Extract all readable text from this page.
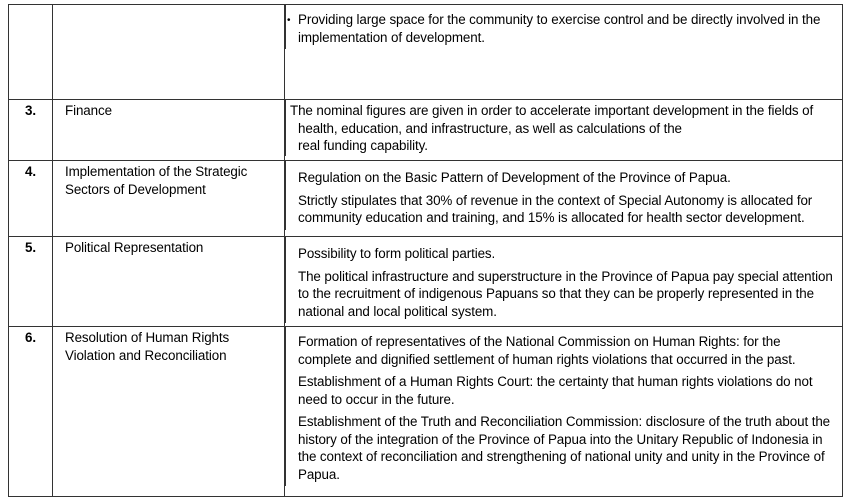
		• Providing large space for the community to exercise control and be directly involved in the implementation of development.

3.	Finance	The nominal figures are given in order to accelerate important development in the fields of
health, education, and infrastructure, as well as calculations of the
real funding capability.

4.	Implementation of the Strategic Sectors of Development	Regulation on the Basic Pattern of Development of the Province of Papua.
Strictly stipulates that 30% of revenue in the context of Special Autonomy is allocated for community education and training, and 15% is allocated for health sector development.

5.	Political Representation	Possibility to form political parties.
The political infrastructure and superstructure in the Province of Papua pay special attention to the recruitment of indigenous Papuans so that they can be properly represented in the national and local political system.

6.	Resolution of Human Rights Violation and Reconciliation	Formation of representatives of the National Commission on Human Rights: for the complete and dignified settlement of human rights violations that occurred in the past.
Establishment of a Human Rights Court: the certainty that human rights violations do not need to occur in the future.
Establishment of the Truth and Reconciliation Commission: disclosure of the truth about the history of the integration of the Province of Papua into the Unitary Republic of Indonesia in the context of reconciliation and strengthening of national unity and unity in the Province of Papua.
